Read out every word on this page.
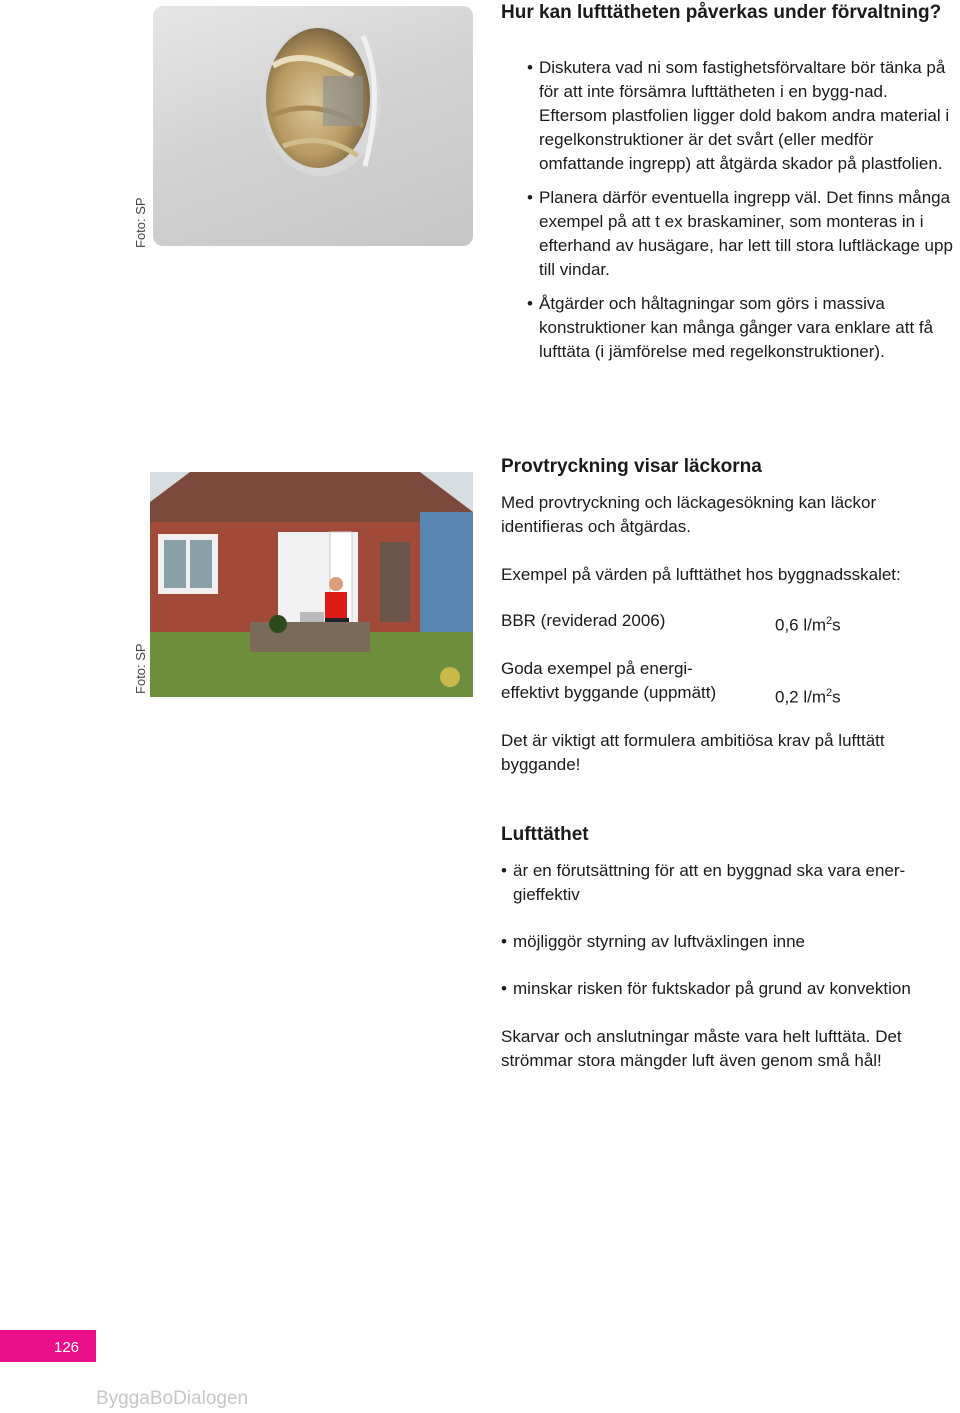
Foto: SP
Hur kan lufttätheten påverkas under förvaltning?
• Diskutera vad ni som fastighetsförvaltare bör tänka på för att inte försämra lufttätheten i en bygg-nad. Eftersom plastfolien ligger dold bakom andra material i regelkonstruktioner är det svårt (eller medför omfattande ingrepp) att åtgärda skador på plastfolien.
• Planera därför eventuella ingrepp väl. Det finns många exempel på att t ex braskaminer, som monteras in i efterhand av husägare, har lett till stora luftläckage upp till vindar.
• Åtgärder och håltagningar som görs i massiva konstruktioner kan många gånger vara enklare att få lufttäta (i jämförelse med regelkonstruktioner).
Foto: SP
Provtryckning visar läckorna

Med provtryckning och läckagesökning kan läckor identifieras och åtgärdas.

Exempel på värden på lufttäthet hos byggnadsskalet:

BBR (reviderad 2006)	0,6 $l/m^2s$

Goda exempel på energi-

effektivt byggande (uppmätt)	0,2 $l/m^2s$

Det är viktigt att formulera ambitiösa krav på lufttätt byggande!

Lufttäthet
• är en förutsättning för att en byggnad ska vara ener-gieffektiv
• möjliggör styrning av luftväxlingen inne
• minskar risken för fuktskador på grund av konvektion

Skarvar och anslutningar måste vara helt lufttäta. Det strömmar stora mängder luft även genom små hål!

126
ByggaBoDialogen
